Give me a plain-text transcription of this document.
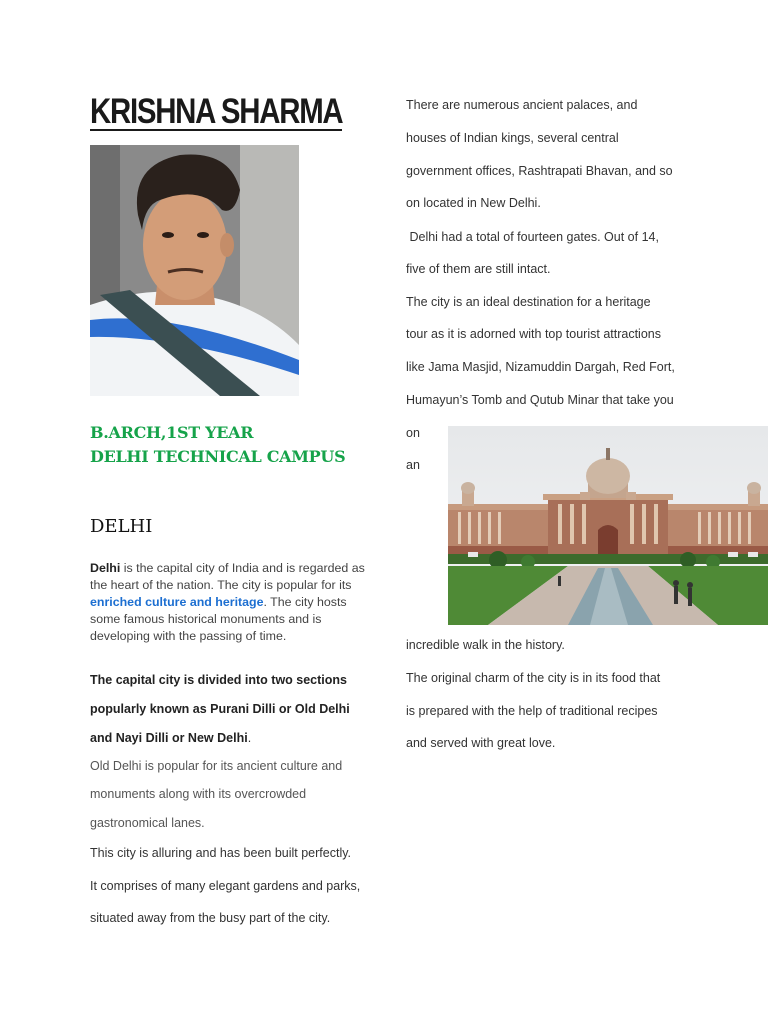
KRISHNA SHARMA
B.ARCH,1ST YEAR
DELHI TECHNICAL CAMPUS
DELHI
Delhi is the capital city of India and is regarded as the heart of the nation. The city is popular for its enriched culture and heritage. The city hosts some famous historical monuments and is developing with the passing of time.
The capital city is divided into two sections
popularly known as Purani Dilli or Old Delhi
and Nayi Dilli or New Delhi.
Old Delhi is popular for its ancient culture and
monuments along with its overcrowded
gastronomical lanes.
This city is alluring and has been built perfectly.
It comprises of many elegant gardens and parks,
situated away from the busy part of the city.
There are numerous ancient palaces, and
houses of Indian kings, several central
government offices, Rashtrapati Bhavan, and so
on located in New Delhi.
Delhi had a total of fourteen gates. Out of 14,
five of them are still intact.
The city is an ideal destination for a heritage
tour as it is adorned with top tourist attractions
like Jama Masjid, Nizamuddin Dargah, Red Fort,
Humayun’s Tomb and Qutub Minar that take you
on
an
incredible walk in the history.
The original charm of the city is in its food that
is prepared with the help of traditional recipes
and served with great love.
